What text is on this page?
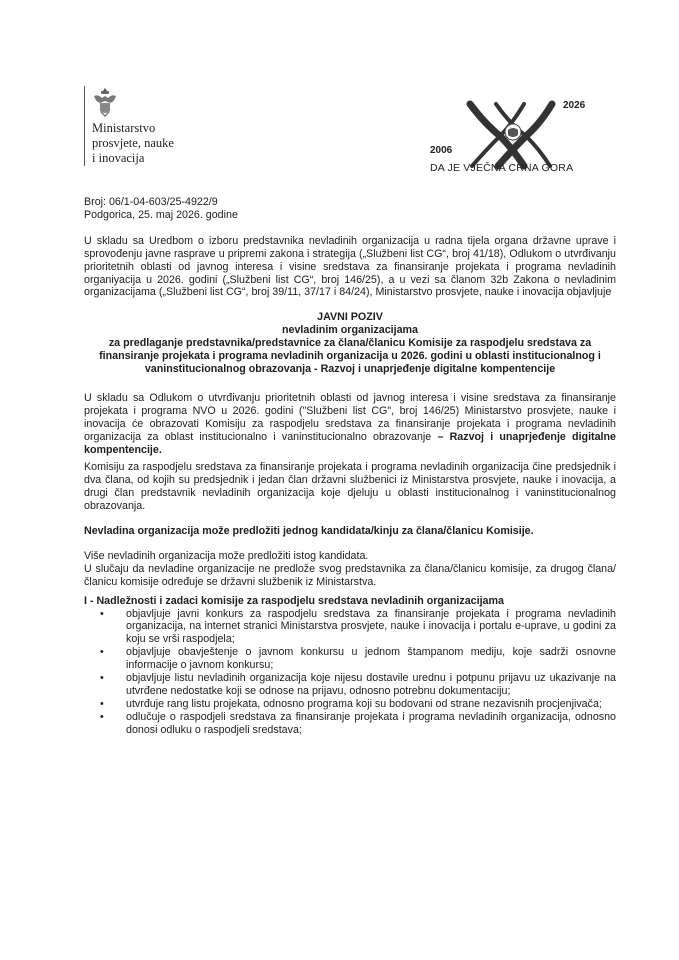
Ministarstvo
prosvjete, nauke
i inovacija
2006
2026
DA JE VJEČNA CRNA GORA

Broj: 06/1-04-603/25-4922/9

Podgorica, 25. maj 2026. godine

U skladu sa Uredbom o izboru predstavnika nevladinih organizacija u radna tijela organa državne uprave i sprovođenju javne rasprave u pripremi zakona i strategija („Službeni list CG“, broj 41/18), Odlukom o utvrđivanju prioritetnih oblasti od javnog interesa i visine sredstava za finansiranje projekata i programa nevladinih organiyacija u 2026. godini („Službeni list CG“, broj 146/25), a u vezi sa članom 32b Zakona o nevladinim organizacijama („Službeni list CG“, broj 39/11, 37/17 i 84/24), Ministarstvo prosvjete, nauke i inovacija objavljuje

JAVNI POZIV

nevladinim organizacijama

za predlaganje predstavnika/predstavnice za člana/članicu Komisije za raspodjelu sredstava za finansiranje projekata i programa nevladinih organizacija u 2026. godini u oblasti institucionalnog i vaninstitucionalnog obrazovanja - Razvoj i unaprjeđenje digitalne kompentencije

U skladu sa Odlukom o utvrđivanju prioritetnih oblasti od javnog interesa i visine sredstava za finansiranje projekata i programa NVO u 2026. godini ("Službeni list CG", broj 146/25) Ministarstvo prosvjete, nauke i inovacija će obrazovati Komisiju za raspodjelu sredstava za finansiranje projekata i programa nevladinih organizacija za oblast institucionalno i vaninstitucionalno obrazovanje – Razvoj i unaprjeđenje digitalne kompentencije.

Komisiju za raspodjelu sredstava za finansiranje projekata i programa nevladinih organizacija čine predsjednik i dva člana, od kojih su predsjednik i jedan član državni službenici iz Ministarstva prosvjete, nauke i inovacija, a drugi član predstavnik nevladinih organizacija koje djeluju u oblasti institucionalnog i vaninstitucionalnog obrazovanja.

Nevladina organizacija može predložiti jednog kandidata/kinju za člana/članicu Komisije.

Više nevladinih organizacija može predložiti istog kandidata.

U slučaju da nevladine organizacije ne predlože svog predstavnika za člana/članicu komisije, za drugog člana/članicu komisije određuje se državni službenik iz Ministarstva.

I - Nadležnosti i zadaci komisije za raspodjelu sredstava nevladinih organizacijama

• objavljuje javni konkurs za raspodjelu sredstava za finansiranje projekata i programa nevladinih organizacija, na internet stranici Ministarstva prosvjete, nauke i inovacija i portalu e-uprave, u godini za koju se vrši raspodjela;
• objavljuje obavještenje o javnom konkursu u jednom štampanom mediju, koje sadrži osnovne informacije o javnom konkursu;
• objavljuje listu nevladinih organizacija koje nijesu dostavile urednu i potpunu prijavu uz ukazivanje na utvrđene nedostatke koji se odnose na prijavu, odnosno potrebnu dokumentaciju;
• utvrđuje rang listu projekata, odnosno programa koji su bodovani od strane nezavisnih procjenjivača;
• odlučuje o raspodjeli sredstava za finansiranje projekata i programa nevladinih organizacija, odnosno donosi odluku o raspodjeli sredstava;
